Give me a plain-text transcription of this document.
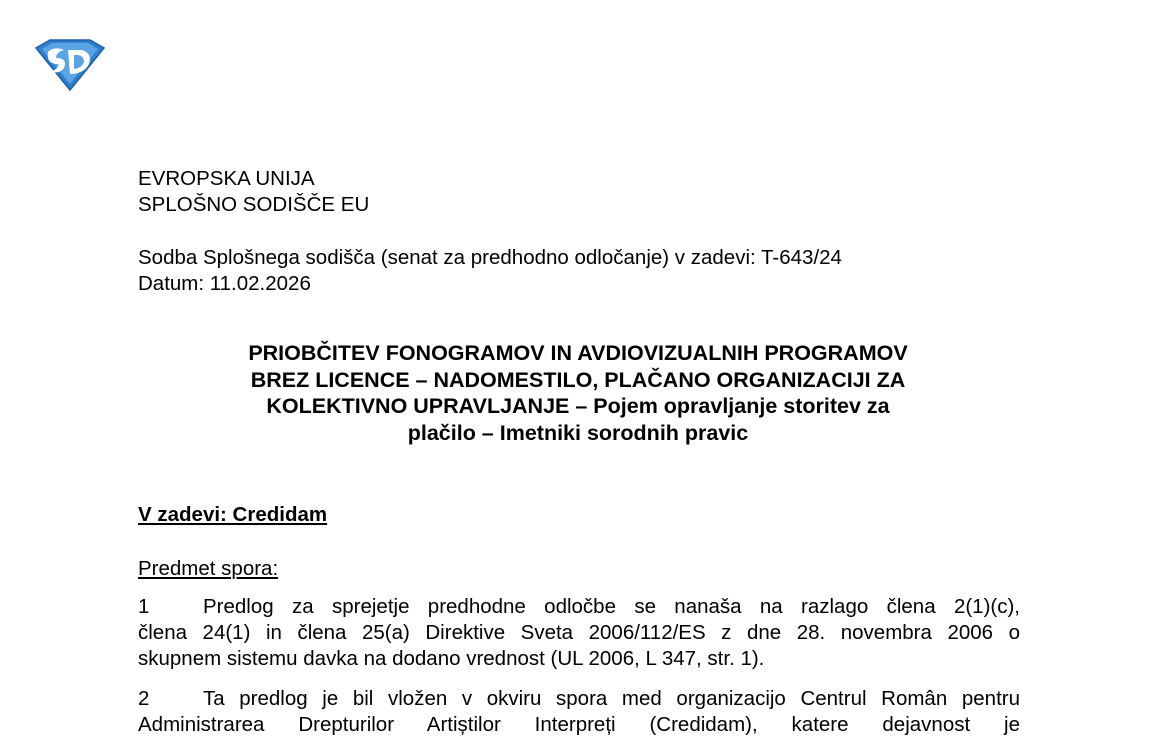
EVROPSKA UNIJA
SPLOŠNO SODIŠČE EU
Sodba Splošnega sodišča (senat za predhodno odločanje) v zadevi: T-643/24
Datum: 11.02.2026
PRIOBČITEV FONOGRAMOV IN AVDIOVIZUALNIH PROGRAMOV
BREZ LICENCE – NADOMESTILO, PLAČANO ORGANIZACIJI ZA
KOLEKTIVNO UPRAVLJANJE – Pojem opravljanje storitev za
plačilo – Imetniki sorodnih pravic
V zadevi: Credidam
Predmet spora:
1	Predlog za sprejetje predhodne odločbe se nanaša na razlago člena 2(1)(c),
člena 24(1) in člena 25(a) Direktive Sveta 2006/112/ES z dne 28. novembra 2006 o
skupnem sistemu davka na dodano vrednost (UL 2006, L 347, str. 1).
2	Ta predlog je bil vložen v okviru spora med organizacijo Centrul Român pentru
Administrarea Drepturilor Artiștilor Interpreți (Credidam), katere dejavnost je
